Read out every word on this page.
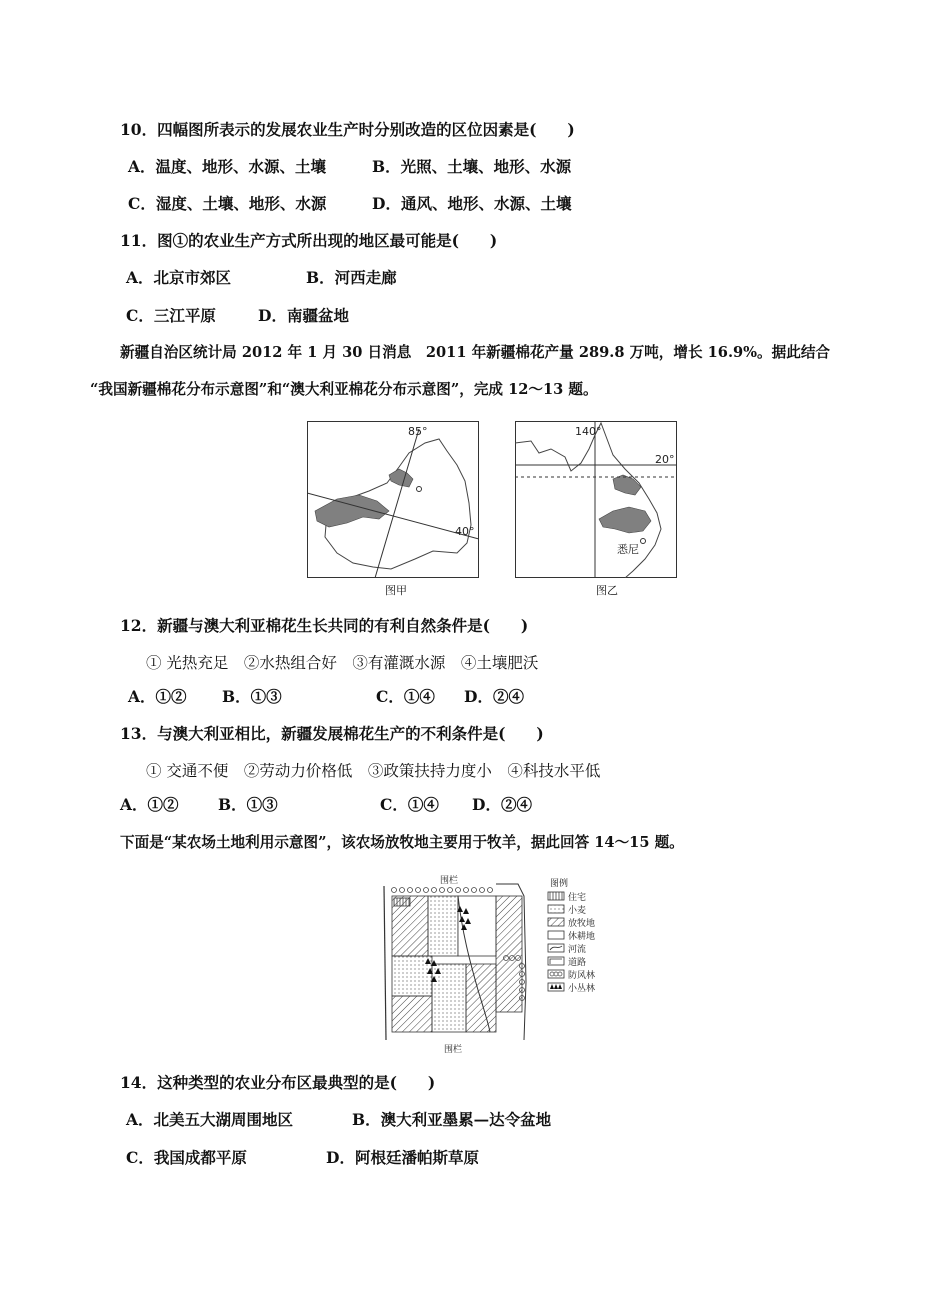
10．四幅图所表示的发展农业生产时分别改造的区位因素是(　　)
A．温度、地形、水源、土壤	B．光照、土壤、地形、水源
C．湿度、土壤、地形、水源	D．通风、地形、水源、土壤
11．图①的农业生产方式所出现的地区最可能是(　　)
A．北京市郊区	B．河西走廊
C．三江平原	D．南疆盆地
新疆自治区统计局 2012 年 1 月 30 日消息　2011 年新疆棉花产量 289.8 万吨，增长 16.9%。据此结合
“我国新疆棉花分布示意图”和“澳大利亚棉花分布示意图”，完成 12～13 题。
85°
40°
图甲
140°
20°
悉尼
图乙
12．新疆与澳大利亚棉花生长共同的有利自然条件是(　　)
① 光热充足　②水热组合好　③有灌溉水源　④土壤肥沃
A．①② B．①③	C．①④ D．②④
13．与澳大利亚相比，新疆发展棉花生产的不利条件是(　　)
① 交通不便　②劳动力价格低　③政策扶持力度小　④科技水平低
A．①②	B．①③	C．①④ D．②④
下面是“某农场土地利用示意图”，该农场放牧地主要用于牧羊，据此回答 14～15 题。
围栏
围栏
图例
住宅
小麦
放牧地
休耕地
河流
道路
防风林
小丛林
14．这种类型的农业分布区最典型的是(　　)
A．北美五大湖周围地区	B．澳大利亚墨累—达令盆地
C．我国成都平原	D．阿根廷潘帕斯草原
